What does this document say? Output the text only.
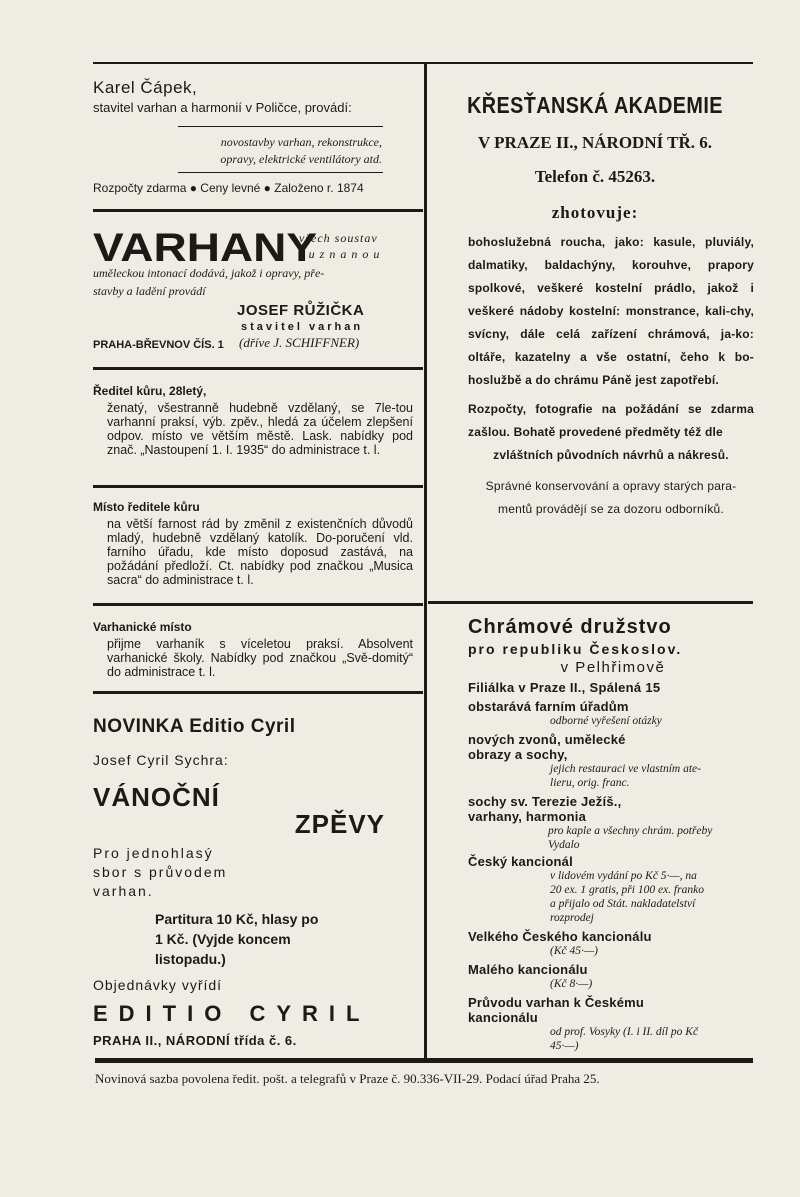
Karel Čápek,
stavitel varhan a harmonií v Poličce, provádí:
novostavby varhan, rekonstrukce,
opravy, elektrické ventilátory atd.
Rozpočty zdarma ● Ceny levné ● Založeno r. 1874
VARHANY
všech soustav
s u z n a n o u
uměleckou intonací dodává, jakož i opravy, pře-
stavby a ladění provádí
JOSEF RŮŽIČKA
stavitel varhan
PRAHA-BŘEVNOV ČÍS. 1 (dříve J. SCHIFFNER)
Ředitel kůru, 28letý,
ženatý, všestranně hudebně vzdělaný, se 7le-tou varhanní praksí, výb. zpěv., hledá za účelem zlepšení odpov. místo ve větším městě. Lask. nabídky pod znač. „Nastoupení 1. I. 1935“ do administrace t. l.
Místo ředitele kůru
na větší farnost rád by změnil z existenčních důvodů mladý, hudebně vzdělaný katolík. Do-poručení vld. farního úřadu, kde místo doposud zastává, na požádání předloží. Ct. nabídky pod značkou „Musica sacra“ do administrace t. l.
Varhanické místo
přijme varhaník s víceletou praksí. Absolvent varhanické školy. Nabídky pod značkou „Svě-domitý“ do administrace t. l.
NOVINKA Editio Cyril
Josef Cyril Sychra:
VÁNOČNÍ
ZPĚVY
Pro jednohlasý
sbor s průvodem
varhan.
Partitura 10 Kč, hlasy po
1 Kč. (Vyjde koncem
listopadu.)
Objednávky vyřídí
EDITIO CYRIL
PRAHA II., NÁRODNÍ třída č. 6.
KŘESŤANSKÁ AKADEMIE
V PRAZE II., NÁRODNÍ TŘ. 6.
Telefon č. 45263.
zhotovuje:
bohoslužebná roucha, jako: kasule, pluviály, dalmatiky, baldachýny, korouhve, prapory spolkové, veškeré kostelní prádlo, jakož i veškeré nádoby kostelní: monstrance, kali-chy, svícny, dále celá zařízení chrámová, ja-ko: oltáře, kazatelny a vše ostatní, čeho k bo-hoslužbě a do chrámu Páně jest zapotřebí.
Rozpočty, fotografie na požádání se zdarma zašlou. Bohatě provedené předměty též dle
zvláštních původních návrhů a nákresů.
Správné konservování a opravy starých para-
mentů provádějí se za dozoru odborníků.
Chrámové družstvo
pro republiku Českoslov.
v Pelhřimově
Filiálka v Praze II., Spálená 15
obstarává farním úřadům
odborné vyřešení otázky
nových zvonů, umělecké
obrazy a sochy,
jejich restauraci ve vlastním ate-
lieru, orig. franc.
sochy sv. Terezie Ježíš.,
varhany, harmonia
pro kaple a všechny chrám. potřeby
Vydalo
Český kancionál
v lidovém vydání po Kč 5·—, na
20 ex. 1 gratis, při 100 ex. franko
a přijalo od Stát. nakladatelství
rozprodej
Velkého Českého kancionálu
(Kč 45·—)
Malého kancionálu
(Kč 8·—)
Průvodu varhan k Českému
kancionálu
od prof. Vosyky (I. i II. díl po Kč
45·—)
Novinová sazba povolena ředit. pošt. a telegrafů v Praze č. 90.336-VII-29. Podací úřad Praha 25.
